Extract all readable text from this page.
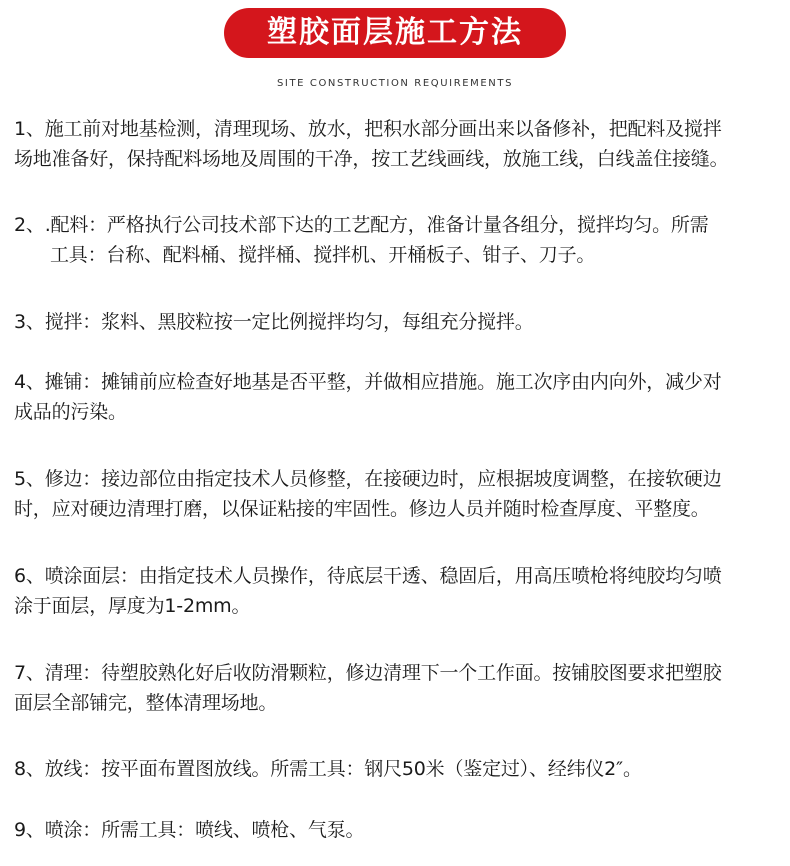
塑胶面层施工方法
SITE CONSTRUCTION REQUIREMENTS
1、施工前对地基检测，清理现场、放水，把积水部分画出来以备修补，把配料及搅拌
场地准备好，保持配料场地及周围的干净，按工艺线画线，放施工线，白线盖住接缝。
2、.配料：严格执行公司技术部下达的工艺配方，准备计量各组分，搅拌均匀。所需
工具：台称、配料桶、搅拌桶、搅拌机、开桶板子、钳子、刀子。
3、搅拌：浆料、黑胶粒按一定比例搅拌均匀，每组充分搅拌。
4、摊铺：摊铺前应检查好地基是否平整，并做相应措施。施工次序由内向外，减少对
成品的污染。
5、修边：接边部位由指定技术人员修整，在接硬边时，应根据坡度调整，在接软硬边
时，应对硬边清理打磨，以保证粘接的牢固性。修边人员并随时检查厚度、平整度。
6、喷涂面层：由指定技术人员操作，待底层干透、稳固后，用高压喷枪将纯胶均匀喷
涂于面层，厚度为1-2mm。
7、清理：待塑胶熟化好后收防滑颗粒，修边清理下一个工作面。按铺胶图要求把塑胶
面层全部铺完，整体清理场地。
8、放线：按平面布置图放线。所需工具：钢尺50米（鉴定过）、经纬仪2″。
9、喷涂：所需工具：喷线、喷枪、气泵。
